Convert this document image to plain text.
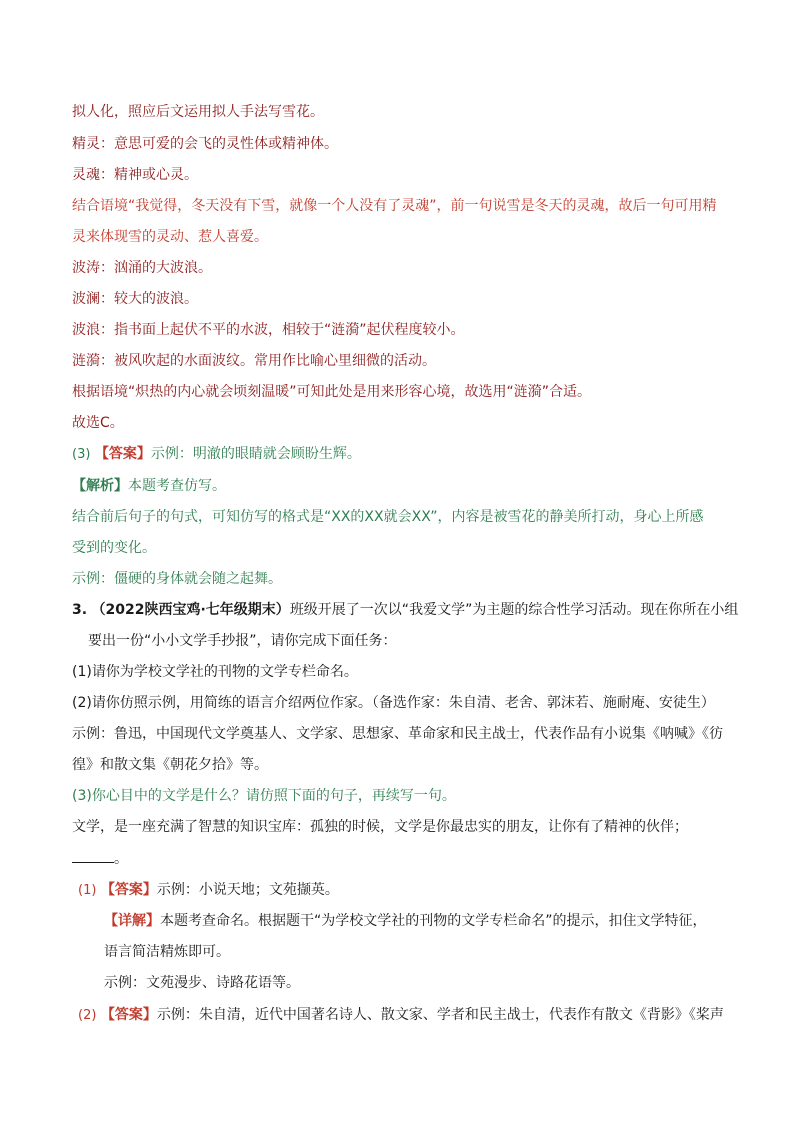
拟人化，照应后文运用拟人手法写雪花。
精灵：意思可爱的会飞的灵性体或精神体。
灵魂：精神或心灵。
结合语境“我觉得，冬天没有下雪，就像一个人没有了灵魂”，前一句说雪是冬天的灵魂，故后一句可用精
灵来体现雪的灵动、惹人喜爱。
波涛：汹涌的大波浪。
波澜：较大的波浪。
波浪：指书面上起伏不平的水波，相较于“涟漪”起伏程度较小。
涟漪：被风吹起的水面波纹。常用作比喻心里细微的活动。
根据语境“炽热的内心就会顷刻温暖”可知此处是用来形容心境，故选用“涟漪”合适。
故选C。
(3) 【答案】示例：明澈的眼睛就会顾盼生辉。
【解析】本题考查仿写。
结合前后句子的句式，可知仿写的格式是“XX的XX就会XX”，内容是被雪花的静美所打动，身心上所感
受到的变化。
示例：僵硬的身体就会随之起舞。
3. （2022陕西宝鸡·七年级期末）班级开展了一次以“我爱文学”为主题的综合性学习活动。现在你所在小组
要出一份“小小文学手抄报”，请你完成下面任务：
(1)请你为学校文学社的刊物的文学专栏命名。
(2)请你仿照示例，用简练的语言介绍两位作家。（备选作家：朱自清、老舍、郭沫若、施耐庵、安徒生）
示例：鲁迅，中国现代文学奠基人、文学家、思想家、革命家和民主战士，代表作品有小说集《呐喊》《彷
徨》和散文集《朝花夕拾》等。
(3)你心目中的文学是什么？请仿照下面的句子，再续写一句。
文学，是一座充满了智慧的知识宝库：孤独的时候，文学是你最忠实的朋友，让你有了精神的伙伴；
。
(1) 【答案】示例：小说天地；文苑撷英。
【详解】本题考查命名。根据题干“为学校文学社的刊物的文学专栏命名”的提示，扣住文学特征，
语言简洁精炼即可。
示例：文苑漫步、诗路花语等。
(2) 【答案】示例：朱自清，近代中国著名诗人、散文家、学者和民主战士，代表作有散文《背影》《桨声
